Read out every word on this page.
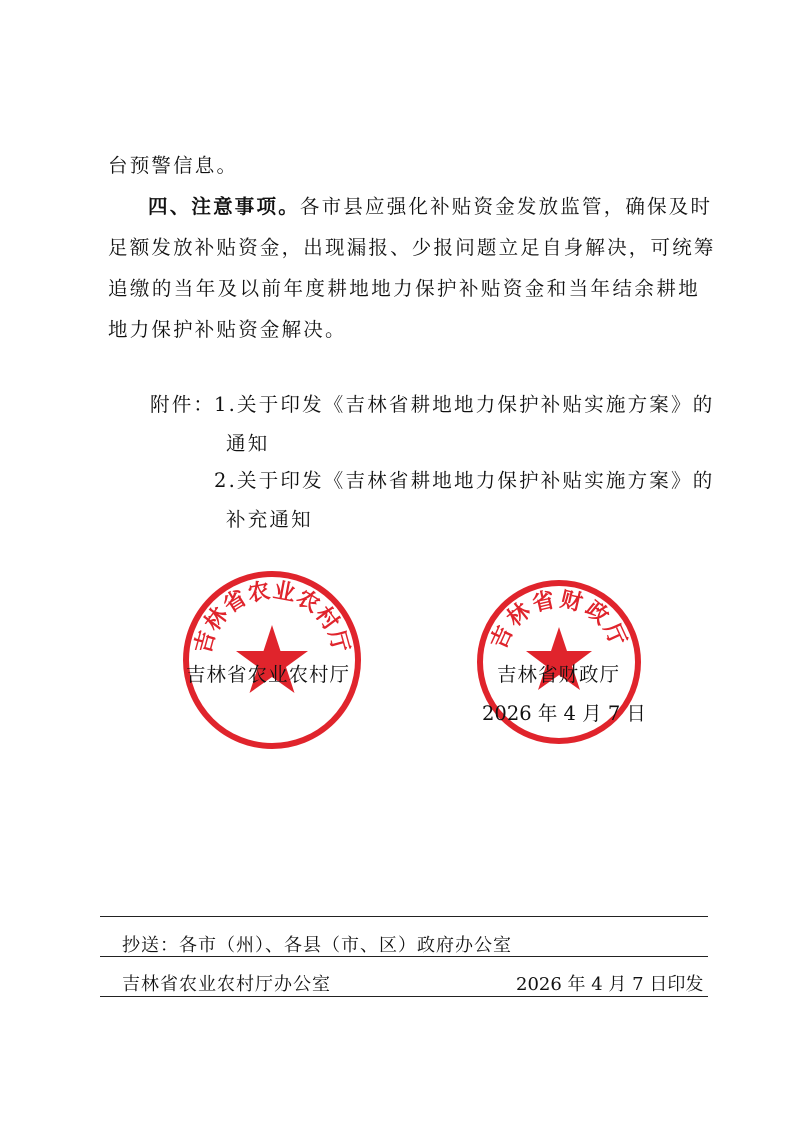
台预警信息。
四、注意事项。各市县应强化补贴资金发放监管，确保及时
足额发放补贴资金，出现漏报、少报问题立足自身解决，可统筹
追缴的当年及以前年度耕地地力保护补贴资金和当年结余耕地
地力保护补贴资金解决。
附件：
1.关于印发《吉林省耕地地力保护补贴实施方案》的
通知
2.关于印发《吉林省耕地地力保护补贴实施方案》的
补充通知
吉林省农业农村厅	吉林省财政厅
吉林省农业农村厅	吉林省财政厅
2026 年 4 月 7 日
抄送：各市（州）、各县（市、区）政府办公室
吉林省农业农村厅办公室	2026 年 4 月 7 日印发
